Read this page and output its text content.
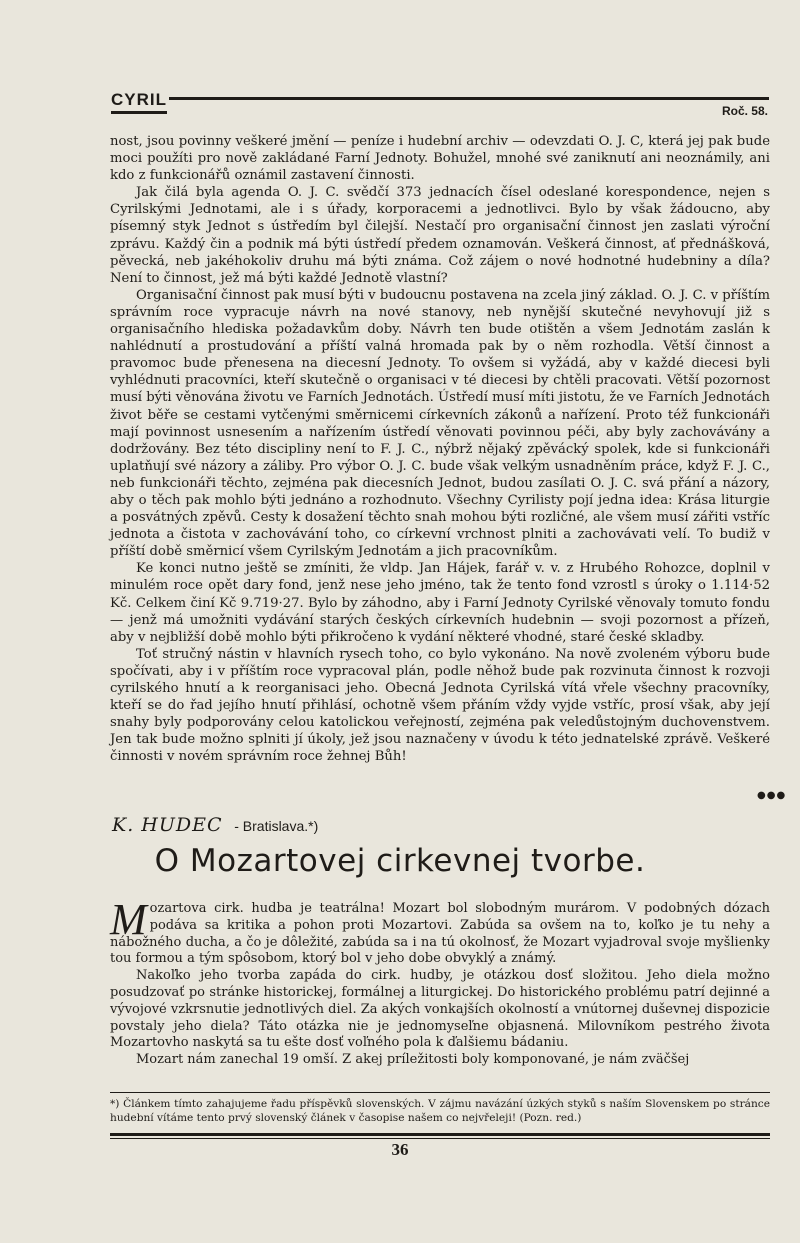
CYRIL
Roč. 58.

nost, jsou povinny veškeré jmění — peníze i hudební archiv — odevzdati O. J. C, která jej pak bude moci použíti pro nově zakládané Farní Jednoty. Bohužel, mnohé své zaniknutí ani neoznámily, ani kdo z funkcionářů oznámil zastavení činnosti.

Jak čilá byla agenda O. J. C. svědčí 373 jednacích čísel odeslané korespondence, nejen s Cyrilskými Jednotami, ale i s úřady, korporacemi a jednotlivci. Bylo by však žádoucno, aby písemný styk Jednot s ústředím byl čilejší. Nestačí pro organisační činnost jen zaslati výroční zprávu. Každý čin a podnik má býti ústředí předem oznamován. Veškerá činnost, ať přednášková, pěvecká, neb jakéhokoliv druhu má býti známa. Což zájem o nové hodnotné hudebniny a díla? Není to činnost, jež má býti každé Jednotě vlastní?

Organisační činnost pak musí býti v budoucnu postavena na zcela jiný základ. O. J. C. v příštím správním roce vypracuje návrh na nové stanovy, neb nynější skutečné nevyhovují již s organisačního hlediska požadavkům doby. Návrh ten bude otištěn a všem Jednotám zaslán k nahlédnutí a prostudování a příští valná hromada pak by o něm rozhodla. Větší činnost a pravomoc bude přenesena na diecesní Jednoty. To ovšem si vyžádá, aby v každé diecesi byli vyhlédnuti pracovníci, kteří skutečně o organisaci v té diecesi by chtěli pracovati. Větší pozornost musí býti věnována životu ve Farních Jednotách. Ústředí musí míti jistotu, že ve Farních Jednotách život běře se cestami vytčenými směrnicemi církevních zákonů a nařízení. Proto též funkcionáři mají povinnost usnesením a nařízením ústředí věnovati povinnou péči, aby byly zachovávány a dodržovány. Bez této discipliny není to F. J. C., nýbrž nějaký zpěvácký spolek, kde si funkcionáři uplatňují své názory a záliby. Pro výbor O. J. C. bude však velkým usnadněním práce, když F. J. C., neb funkcionáři těchto, zejména pak diecesních Jednot, budou zasílati O. J. C. svá přání a názory, aby o těch pak mohlo býti jednáno a rozhodnuto. Všechny Cyrilisty pojí jedna idea: Krása liturgie a posvátných zpěvů. Cesty k dosažení těchto snah mohou býti rozličné, ale všem musí zářiti vstříc jednota a čistota v zachovávání toho, co církevní vrchnost plniti a zachovávati velí. To budiž v příští době směrnicí všem Cyrilským Jednotám a jich pracovníkům.

Ke konci nutno ještě se zmíniti, že vldp. Jan Hájek, farář v. v. z Hrubého Rohozce, doplnil v minulém roce opět dary fond, jenž nese jeho jméno, tak že tento fond vzrostl s úroky o 1.114·52 Kč. Celkem činí Kč 9.719·27. Bylo by záhodno, aby i Farní Jednoty Cyrilské věnovaly tomuto fondu — jenž má umožniti vydávání starých českých církevních hudebnin — svoji pozornost a přízeň, aby v nejbližší době mohlo býti přikročeno k vydání některé vhodné, staré české skladby.

Toť stručný nástin v hlavních rysech toho, co bylo vykonáno. Na nově zvoleném výboru bude spočívati, aby i v příštím roce vypracoval plán, podle něhož bude pak rozvinuta činnost k rozvoji cyrilského hnutí a k reorganisaci jeho. Obecná Jednota Cyrilská vítá vřele všechny pracovníky, kteří se do řad jejího hnutí přihlásí, ochotně všem přáním vždy vyjde vstříc, prosí však, aby její snahy byly podporovány celou katolickou veřejností, zejména pak veledůstojným duchovenstvem. Jen tak bude možno splniti jí úkoly, jež jsou naznačeny v úvodu k této jednatelské zprávě. Veškeré činnosti v novém správním roce žehnej Bůh!

●●●
K. HUDEC - Bratislava.*)
O Mozartovej cirkevnej tvorbe.

Mozartova cirk. hudba je teatrálna! Mozart bol slobodným murárom. V podobných dózach podáva sa kritika a pohon proti Mozartovi. Zabúda sa ovšem na to, koľko je tu nehy a nábožného ducha, a čo je dôležité, zabúda sa i na tú okolnosť, že Mozart vyjadroval svoje myšlienky tou formou a tým spôsobom, ktorý bol v jeho dobe obvyklý a známý.

Nakoľko jeho tvorba zapáda do cirk. hudby, je otázkou dosť složitou. Jeho diela možno posudzovať po stránke historickej, formálnej a liturgickej. Do historického problému patrí dejinné a vývojové vzkrsnutie jednotlivých diel. Za akých vonkajších okolností a vnútornej duševnej dispozicie povstaly jeho diela? Táto otázka nie je jednomyseľne objasnená. Milovníkom pestrého života Mozartovho naskytá sa tu ešte dosť voľného pola k ďalšiemu bádaniu.

Mozart nám zanechal 19 omší. Z akej príležitosti boly komponované, je nám zväčšej

*) Článkem tímto zahajujeme řadu příspěvků slovenských. V zájmu navázání úzkých styků s naším Slovenskem po stránce hudební vítáme tento prvý slovenský článek v časopise našem co nejvřeleji! (Pozn. red.)
36
